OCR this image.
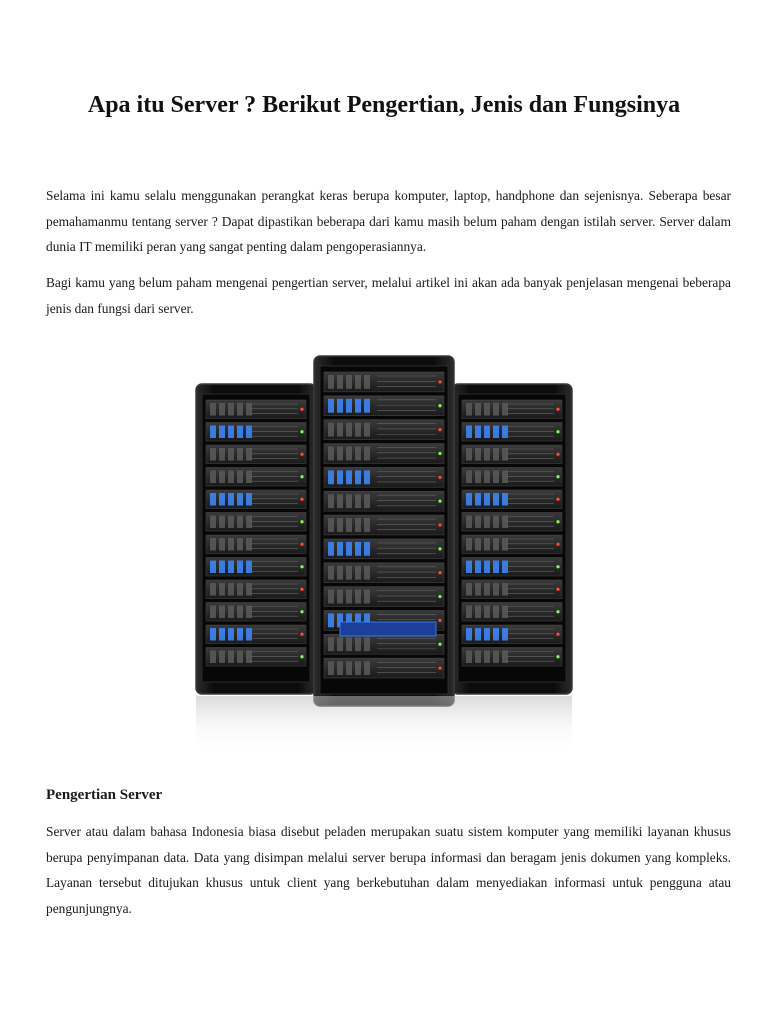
Apa itu Server ? Berikut Pengertian, Jenis dan Fungsinya

Selama ini kamu selalu menggunakan perangkat keras berupa komputer, laptop, handphone dan sejenisnya. Seberapa besar pemahamanmu tentang server ? Dapat dipastikan beberapa dari kamu masih belum paham dengan istilah server. Server dalam dunia IT memiliki peran yang sangat penting dalam pengoperasiannya.

Bagi kamu yang belum paham mengenai pengertian server, melalui artikel ini akan ada banyak penjelasan mengenai beberapa jenis dan fungsi dari server.

Pengertian Server

Server atau dalam bahasa Indonesia biasa disebut peladen merupakan suatu sistem komputer yang memiliki layanan khusus berupa penyimpanan data. Data yang disimpan melalui server berupa informasi dan beragam jenis dokumen yang kompleks. Layanan tersebut ditujukan khusus untuk client yang berkebutuhan dalam menyediakan informasi untuk pengguna atau pengunjungnya.
